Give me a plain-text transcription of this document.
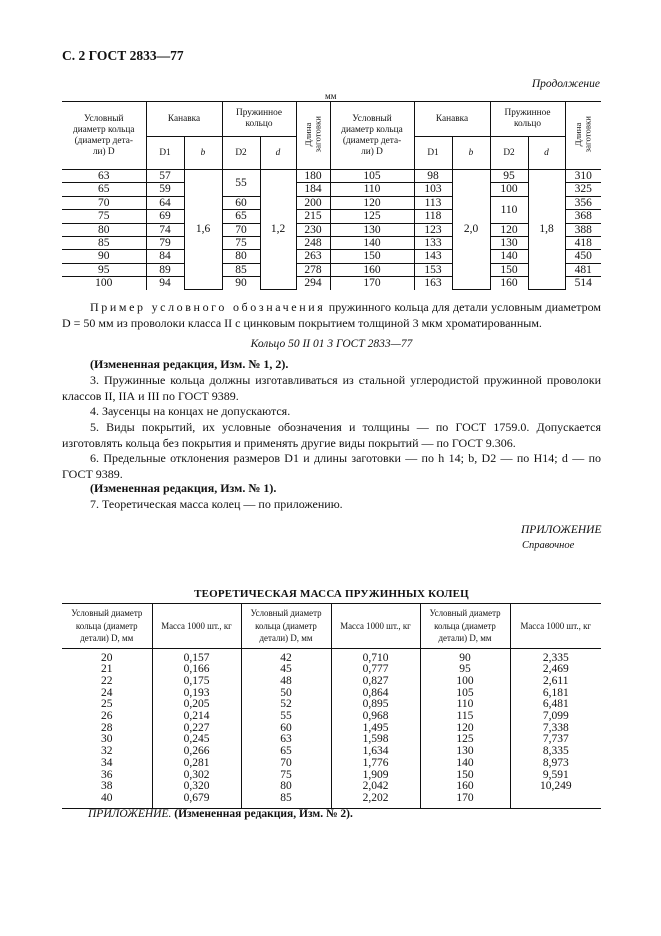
С. 2 ГОСТ 2833—77
Продолжение
мм
Условный
диаметр кольца
(диаметр дета-
ли) D	Канавка		Пружинное
кольцо		Длина
заготовки	Условный
диаметр кольца
(диаметр дета-
ли) D	Канавка		Пружинное
кольцо		Длина
заготовки
	D1	b	D2	d			D1	b	D2	d	
63	57	1,6	55	1,2	180	105	98	2,0	95	1,8	310
65	59				184	110	103		100		325
70	64		60		200	120	113		110		356
75	69		65		215	125	118				368
80	74		70		230	130	123		120		388
85	79		75		248	140	133		130		418
90	84		80		263	150	143		140		450
95	89		85		278	160	153		150		481
100	94		90		294	170	163		160		514
Пример условного обозначения пружинного кольца для детали условным диаметром D = 50 мм из проволоки класса II с цинковым покрытием толщиной 3 мкм хроматированным.
Кольцо 50 II 01 3 ГОСТ 2833—77
(Измененная редакция, Изм. № 1, 2).
3. Пружинные кольца должны изготавливаться из стальной углеродистой пружинной проволоки классов II, IIА и III по ГОСТ 9389.
4. Заусенцы на концах не допускаются.
5. Виды покрытий, их условные обозначения и толщины — по ГОСТ 1759.0. Допускается изготовлять кольца без покрытия и применять другие виды покрытий — по ГОСТ 9.306.
6. Предельные отклонения размеров D1 и длины заготовки — по h 14; b, D2 — по H14; d — по ГОСТ 9389.
(Измененная редакция, Изм. № 1).
7. Теоретическая масса колец — по приложению.
ПРИЛОЖЕНИЕ
Справочное
ТЕОРЕТИЧЕСКАЯ МАССА ПРУЖИННЫХ КОЛЕЦ
Условный диаметр кольца (диаметр детали) D, мм	Масса 1000 шт., кг	Условный диаметр кольца (диаметр детали) D, мм	Масса 1000 шт., кг	Условный диаметр кольца (диаметр детали) D, мм	Масса 1000 шт., кг
20	0,157	42	0,710	90	2,335
21	0,166	45	0,777	95	2,469
22	0,175	48	0,827	100	2,611
24	0,193	50	0,864	105	6,181
25	0,205	52	0,895	110	6,481
26	0,214	55	0,968	115	7,099
28	0,227	60	1,495	120	7,338
30	0,245	63	1,598	125	7,737
32	0,266	65	1,634	130	8,335
34	0,281	70	1,776	140	8,973
36	0,302	75	1,909	150	9,591
38	0,320	80	2,042	160	10,249
40	0,679	85	2,202	170	
ПРИЛОЖЕНИЕ. (Измененная редакция, Изм. № 2).
